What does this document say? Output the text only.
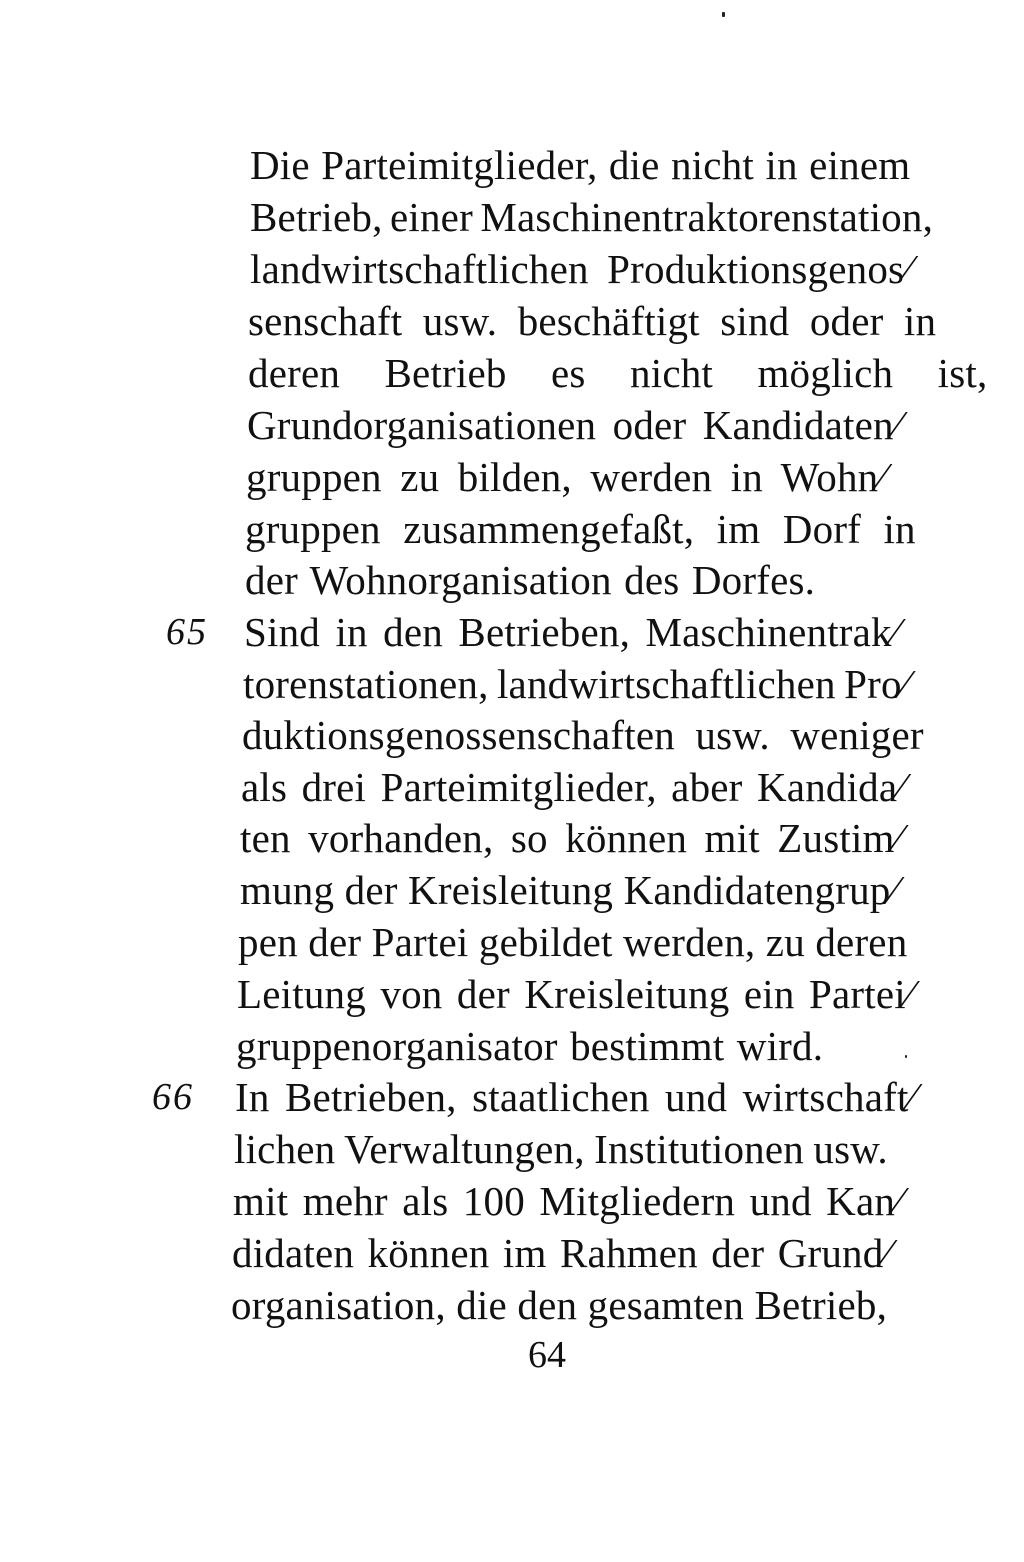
Die Parteimitglieder, die nicht in einem
Betrieb, einer Maschinentraktorenstation,
landwirtschaftlichen Produktionsgenos⁄
senschaft usw. beschäftigt sind oder in
deren Betrieb es nicht möglich ist,
Grundorganisationen oder Kandidaten⁄
gruppen zu bilden, werden in Wohn⁄
gruppen zusammengefaßt, im Dorf in
der Wohnorganisation des Dorfes.
65 Sind in den Betrieben, Maschinentrak⁄
torenstationen, landwirtschaftlichen Pro⁄
duktionsgenossenschaften usw. weniger
als drei Parteimitglieder, aber Kandida⁄
ten vorhanden, so können mit Zustim⁄
mung der Kreisleitung Kandidatengrup⁄
pen der Partei gebildet werden, zu deren
Leitung von der Kreisleitung ein Partei⁄
gruppenorganisator bestimmt wird.
66 In Betrieben, staatlichen und wirtschaft⁄
lichen Verwaltungen, Institutionen usw.
mit mehr als 100 Mitgliedern und Kan⁄
didaten können im Rahmen der Grund⁄
organisation, die den gesamten Betrieb,
64
